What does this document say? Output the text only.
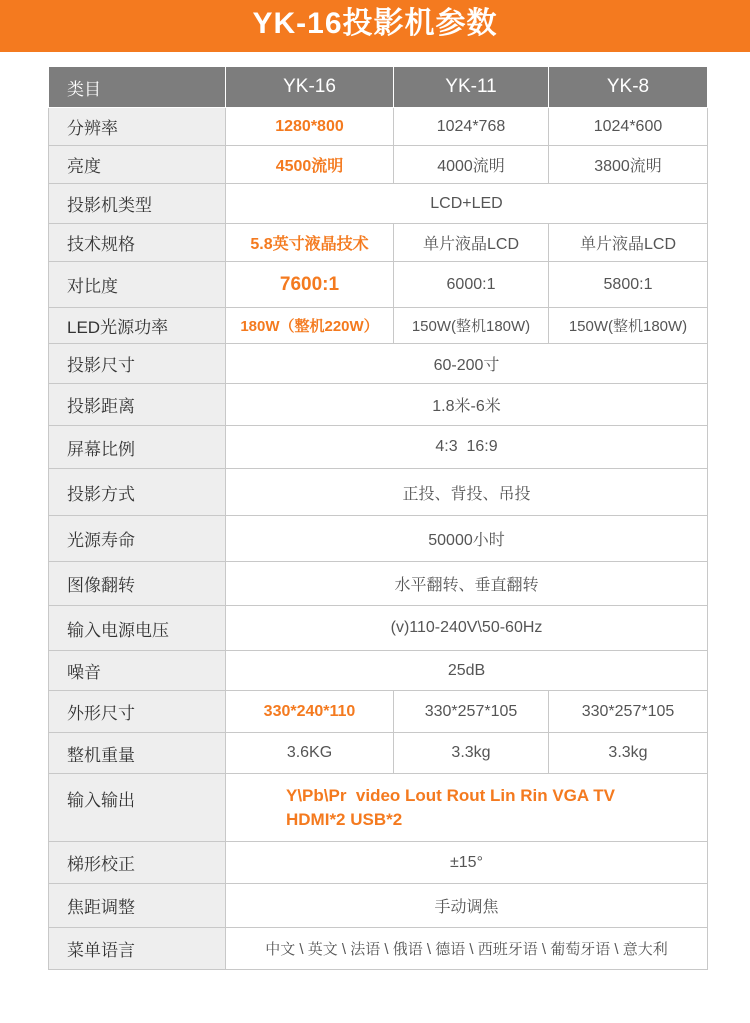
YK-16投影机参数
类目	YK-16	YK-11	YK-8
分辨率	1280*800	1024*768	1024*600
亮度	4500流明	4000流明	3800流明
投影机类型	LCD+LED		
技术规格	5.8英寸液晶技术	单片液晶LCD	单片液晶LCD
对比度	7600:1	6000:1	5800:1
LED光源功率	180W（整机220W）	150W(整机180W)	150W(整机180W)
投影尺寸	60-200寸		
投影距离	1.8米-6米		
屏幕比例	4:3  16:9		
投影方式	正投、背投、吊投		
光源寿命	50000小时		
图像翻转	水平翻转、垂直翻转		
输入电源电压	(v)110-240V\50-60Hz		
噪音	25dB		
外形尺寸	330*240*110	330*257*105	330*257*105
整机重量	3.6KG	3.3kg	3.3kg
输入输出	Y\Pb\Pr  video Lout Rout Lin Rin VGA TV
HDMI*2 USB*2		

梯形校正	±15°		
焦距调整	手动调焦		
菜单语言	中文 \ 英文 \ 法语 \ 俄语 \ 德语 \ 西班牙语 \ 葡萄牙语 \ 意大利		
